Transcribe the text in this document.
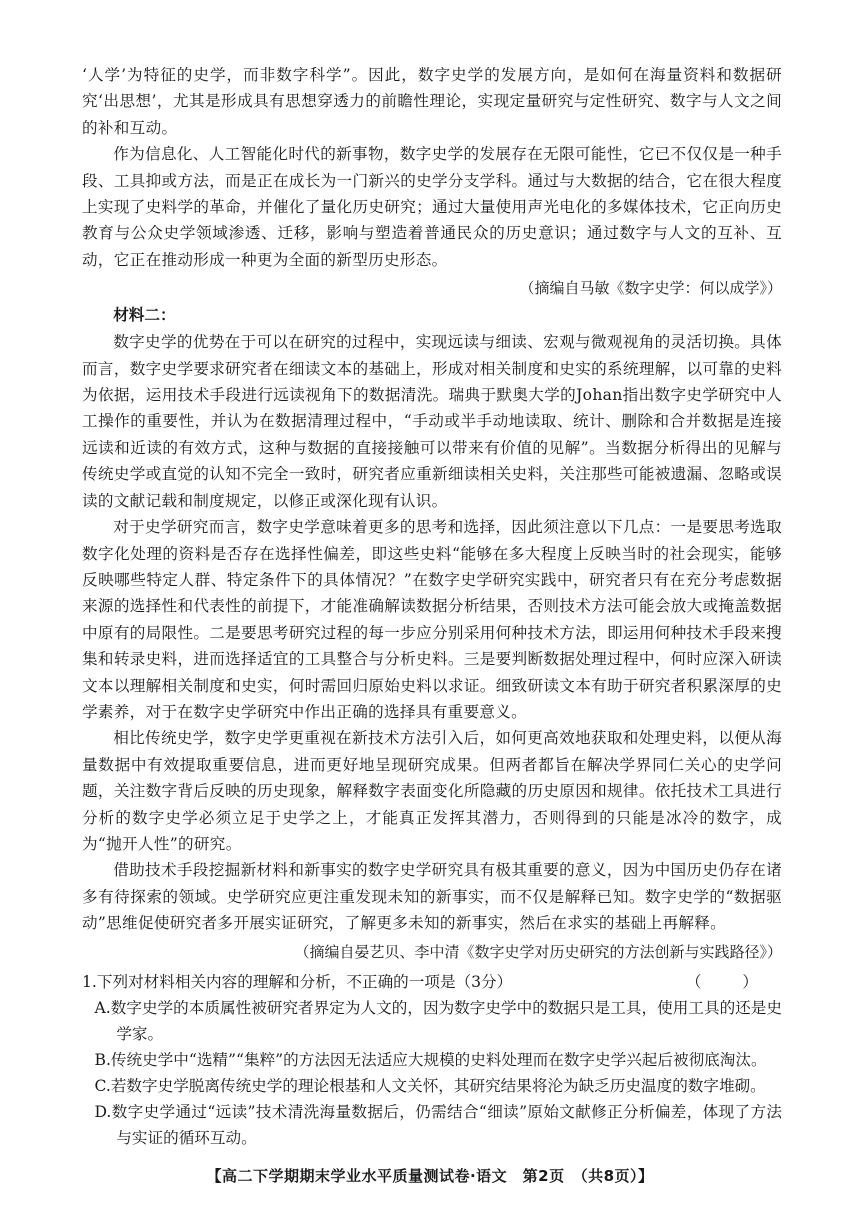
‘人学’为特征的史学，而非数字科学”。因此，数字史学的发展方向，是如何在海量资料和数据研究‘出思想’，尤其是形成具有思想穿透力的前瞻性理论，实现定量研究与定性研究、数字与人文之间的补和互动。

作为信息化、人工智能化时代的新事物，数字史学的发展存在无限可能性，它已不仅仅是一种手段、工具抑或方法，而是正在成长为一门新兴的史学分支学科。通过与大数据的结合，它在很大程度上实现了史料学的革命，并催化了量化历史研究；通过大量使用声光电化的多媒体技术，它正向历史教育与公众史学领域渗透、迁移，影响与塑造着普通民众的历史意识；通过数字与人文的互补、互动，它正在推动形成一种更为全面的新型历史形态。

（摘编自马敏《数字史学：何以成学》）

材料二：

数字史学的优势在于可以在研究的过程中，实现远读与细读、宏观与微观视角的灵活切换。具体而言，数字史学要求研究者在细读文本的基础上，形成对相关制度和史实的系统理解，以可靠的史料为依据，运用技术手段进行远读视角下的数据清洗。瑞典于默奥大学的Johan指出数字史学研究中人工操作的重要性，并认为在数据清理过程中，“手动或半手动地读取、统计、删除和合并数据是连接远读和近读的有效方式，这种与数据的直接接触可以带来有价值的见解”。当数据分析得出的见解与传统史学或直觉的认知不完全一致时，研究者应重新细读相关史料，关注那些可能被遗漏、忽略或误读的文献记载和制度规定，以修正或深化现有认识。

对于史学研究而言，数字史学意味着更多的思考和选择，因此须注意以下几点：一是要思考选取数字化处理的资料是否存在选择性偏差，即这些史料“能够在多大程度上反映当时的社会现实，能够反映哪些特定人群、特定条件下的具体情况？”在数字史学研究实践中，研究者只有在充分考虑数据来源的选择性和代表性的前提下，才能准确解读数据分析结果，否则技术方法可能会放大或掩盖数据中原有的局限性。二是要思考研究过程的每一步应分别采用何种技术方法，即运用何种技术手段来搜集和转录史料，进而选择适宜的工具整合与分析史料。三是要判断数据处理过程中，何时应深入研读文本以理解相关制度和史实，何时需回归原始史料以求证。细致研读文本有助于研究者积累深厚的史学素养，对于在数字史学研究中作出正确的选择具有重要意义。

相比传统史学，数字史学更重视在新技术方法引入后，如何更高效地获取和处理史料，以便从海量数据中有效提取重要信息，进而更好地呈现研究成果。但两者都旨在解决学界同仁关心的史学问题，关注数字背后反映的历史现象，解释数字表面变化所隐藏的历史原因和规律。依托技术工具进行分析的数字史学必须立足于史学之上，才能真正发挥其潜力，否则得到的只能是冰冷的数字，成为“抛开人性”的研究。

借助技术手段挖掘新材料和新事实的数字史学研究具有极其重要的意义，因为中国历史仍存在诸多有待探索的领域。史学研究应更注重发现未知的新事实，而不仅是解释已知。数字史学的“数据驱动”思维促使研究者多开展实证研究，了解更多未知的新事实，然后在求实的基础上再解释。

（摘编自晏艺贝、李中清《数字史学对历史研究的方法创新与实践路径》）

1.下列对材料相关内容的理解和分析，不正确的一项是（3分）	（ ）

A.数字史学的本质属性被研究者界定为人文的，因为数字史学中的数据只是工具，使用工具的还是史学家。

B.传统史学中“选精”“集粹”的方法因无法适应大规模的史料处理而在数字史学兴起后被彻底淘汰。

C.若数字史学脱离传统史学的理论根基和人文关怀，其研究结果将沦为缺乏历史温度的数字堆砌。

D.数字史学通过“远读”技术清洗海量数据后，仍需结合“细读”原始文献修正分析偏差，体现了方法与实证的循环互动。

【高二下学期期末学业水平质量测试卷·语文　第2页　（共8页）】
